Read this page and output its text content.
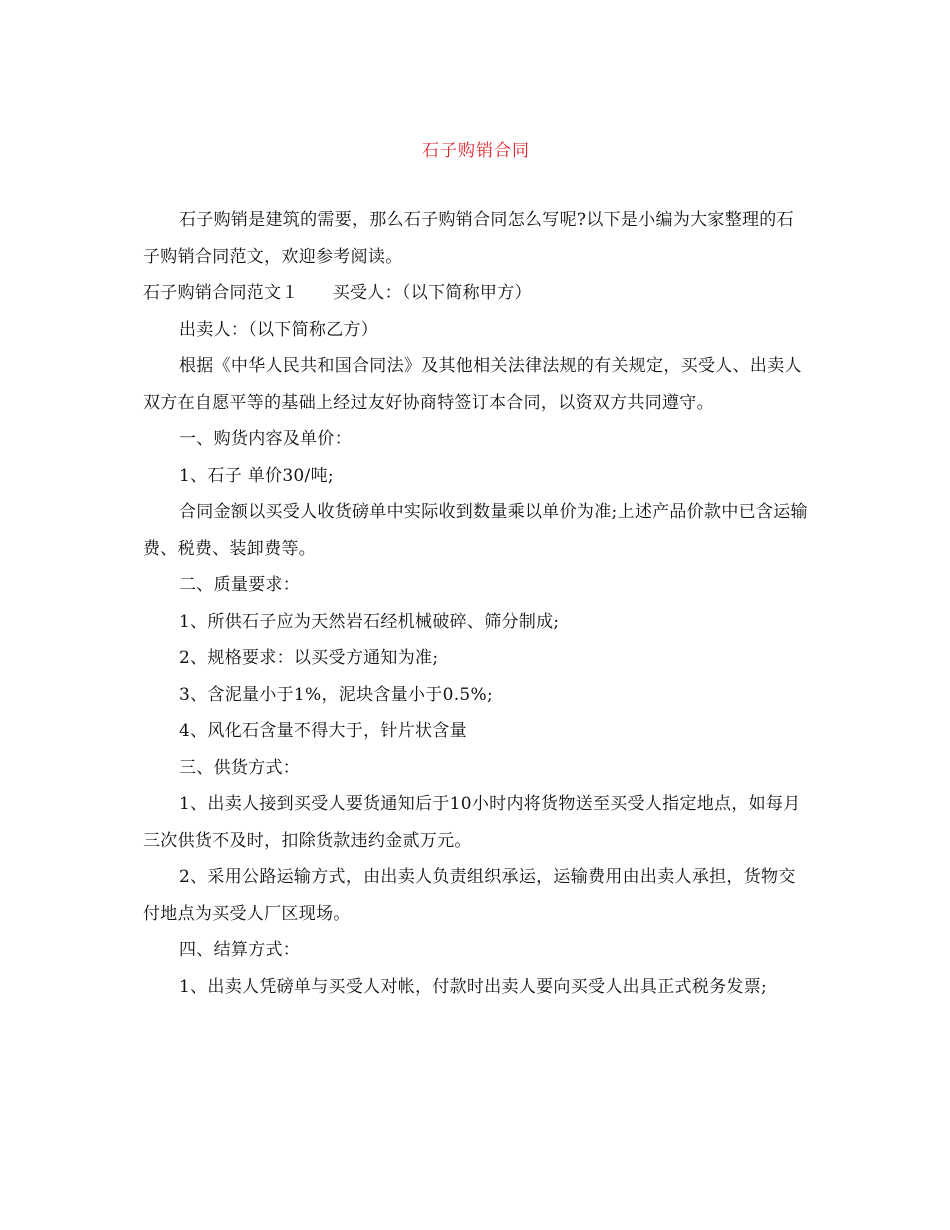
石子购销合同

石子购销是建筑的需要，那么石子购销合同怎么写呢?以下是小编为大家整理的石子购销合同范文，欢迎参考阅读。

石子购销合同范文１ 买受人：（以下简称甲方）

出卖人：（以下简称乙方）

根据《中华人民共和国合同法》及其他相关法律法规的有关规定，买受人、出卖人双方在自愿平等的基础上经过友好协商特签订本合同，以资双方共同遵守。

一、购货内容及单价：

1、石子 单价30/吨;

合同金额以买受人收货磅单中实际收到数量乘以单价为准;上述产品价款中已含运输费、税费、装卸费等。

二、质量要求：

1、所供石子应为天然岩石经机械破碎、筛分制成;

2、规格要求：以买受方通知为准;

3、含泥量小于1%，泥块含量小于0.5%;

4、风化石含量不得大于，针片状含量

三、供货方式：

1、出卖人接到买受人要货通知后于10小时内将货物送至买受人指定地点，如每月三次供货不及时，扣除货款违约金贰万元。

2、采用公路运输方式，由出卖人负责组织承运，运输费用由出卖人承担，货物交付地点为买受人厂区现场。

四、结算方式：

1、出卖人凭磅单与买受人对帐，付款时出卖人要向买受人出具正式税务发票;
